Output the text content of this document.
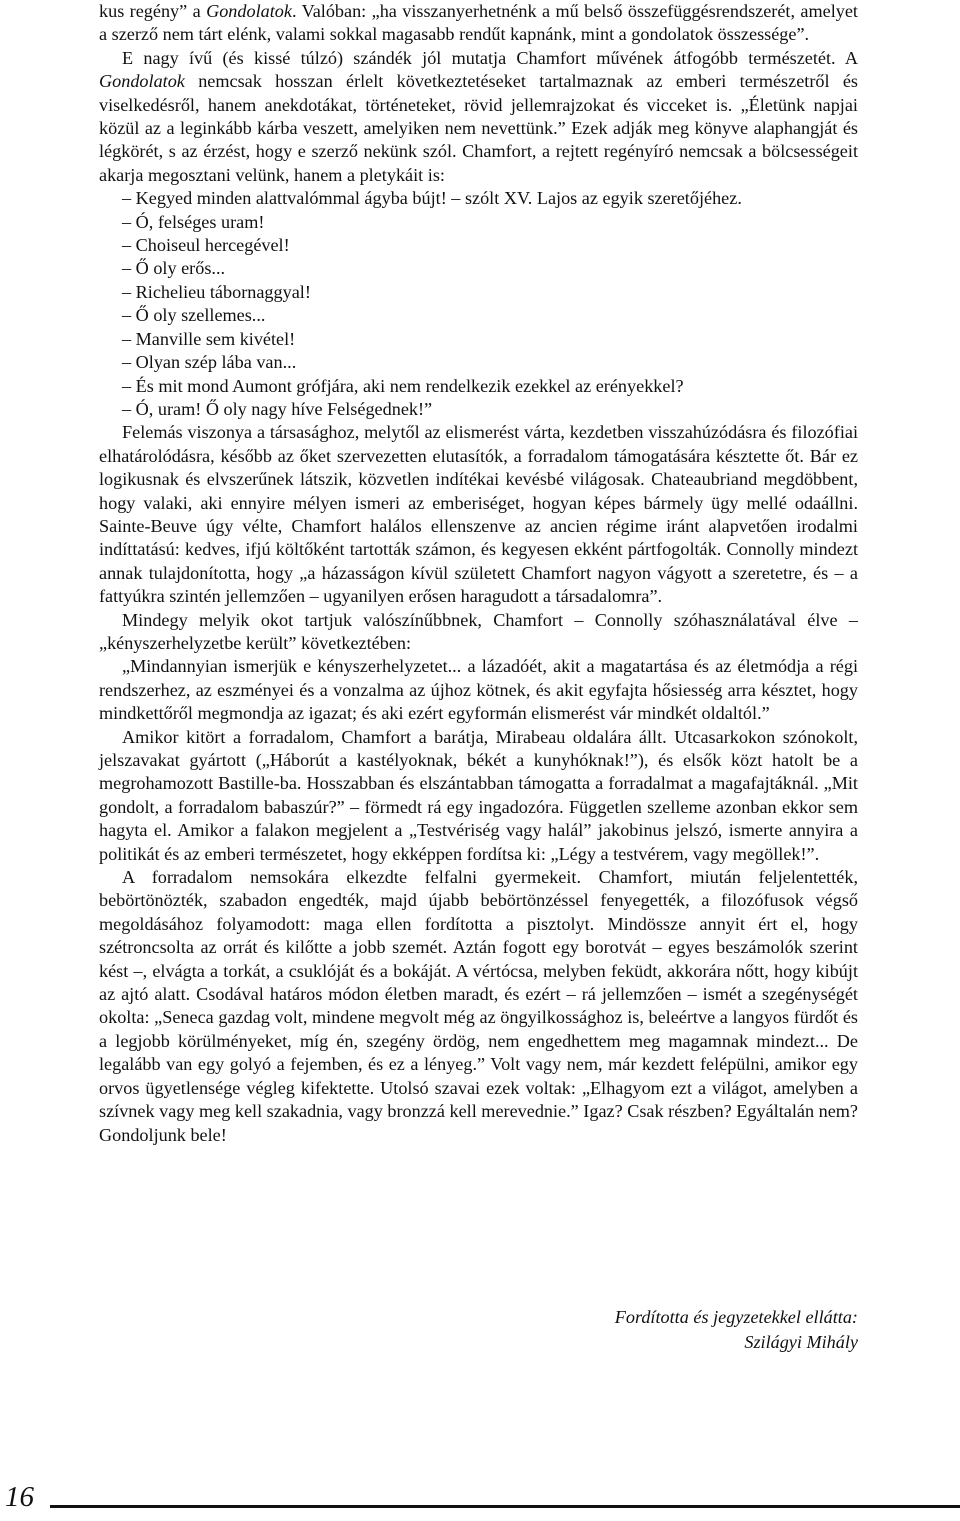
kus regény” a Gondolatok. Valóban: „ha visszanyerhetnénk a mű belső összefüggésrendszerét, amelyet a szerző nem tárt elénk, valami sokkal magasabb rendűt kapnánk, mint a gondolatok összessége”.

E nagy ívű (és kissé túlzó) szándék jól mutatja Chamfort művének átfogóbb természetét. A Gondolatok nemcsak hosszan érlelt következtetéseket tartalmaznak az emberi természetről és viselkedésről, hanem anekdotákat, történeteket, rövid jellemrajzokat és vicceket is. „Életünk napjai közül az a leginkább kárba veszett, amelyiken nem nevettünk.” Ezek adják meg könyve alaphangját és légkörét, s az érzést, hogy e szerző nekünk szól. Chamfort, a rejtett regényíró nemcsak a bölcsességeit akarja megosztani velünk, hanem a pletykáit is:

– Kegyed minden alattvalómmal ágyba bújt! – szólt XV. Lajos az egyik szeretőjéhez.

– Ó, felséges uram!

– Choiseul hercegével!

– Ő oly erős...

– Richelieu tábornaggyal!

– Ő oly szellemes...

– Manville sem kivétel!

– Olyan szép lába van...

– És mit mond Aumont grófjára, aki nem rendelkezik ezekkel az erényekkel?

– Ó, uram! Ő oly nagy híve Felségednek!”

Felemás viszonya a társasághoz, melytől az elismerést várta, kezdetben visszahúzódásra és filozófiai elhatárolódásra, később az őket szervezetten elutasítók, a forradalom támogatására késztette őt. Bár ez logikusnak és elvszerűnek látszik, közvetlen indítékai kevésbé világosak. Chateaubriand megdöbbent, hogy valaki, aki ennyire mélyen ismeri az emberiséget, hogyan képes bármely ügy mellé odaállni. Sainte-Beuve úgy vélte, Chamfort halálos ellenszenve az ancien régime iránt alapvetően irodalmi indíttatású: kedves, ifjú költőként tartották számon, és kegyesen ekként pártfogolták. Connolly mindezt annak tulajdonította, hogy „a házasságon kívül született Chamfort nagyon vágyott a szeretetre, és – a fattyúkra szintén jellemzően – ugyanilyen erősen haragudott a társadalomra”.

Mindegy melyik okot tartjuk valószínűbbnek, Chamfort – Connolly szóhasználatával élve – „kényszerhelyzetbe került” következtében:

„Mindannyian ismerjük e kényszerhelyzetet... a lázadóét, akit a magatartása és az életmódja a régi rendszerhez, az eszményei és a vonzalma az újhoz kötnek, és akit egyfajta hősiesség arra késztet, hogy mindkettőről megmondja az igazat; és aki ezért egyformán elismerést vár mindkét oldaltól.”

Amikor kitört a forradalom, Chamfort a barátja, Mirabeau oldalára állt. Utcasarkokon szónokolt, jelszavakat gyártott („Háborút a kastélyoknak, békét a kunyhóknak!”), és elsők közt hatolt be a megrohamozott Bastille-ba. Hosszabban és elszántabban támogatta a forradalmat a magafajtáknál. „Mit gondolt, a forradalom babaszúr?” – förmedt rá egy ingadozóra. Független szelleme azonban ekkor sem hagyta el. Amikor a falakon megjelent a „Testvériség vagy halál” jakobinus jelszó, ismerte annyira a politikát és az emberi természetet, hogy ekképpen fordítsa ki: „Légy a testvérem, vagy megöllek!”.

A forradalom nemsokára elkezdte felfalni gyermekeit. Chamfort, miután feljelentették, bebörtönözték, szabadon engedték, majd újabb bebörtönzéssel fenyegették, a filozófusok végső megoldásához folyamodott: maga ellen fordította a pisztolyt. Mindössze annyit ért el, hogy szétroncsolta az orrát és kilőtte a jobb szemét. Aztán fogott egy borotvát – egyes beszámolók szerint kést –, elvágta a torkát, a csuklóját és a bokáját. A vértócsa, melyben feküdt, akkorára nőtt, hogy kibújt az ajtó alatt. Csodával határos módon életben maradt, és ezért – rá jellemzően – ismét a szegénységét okolta: „Seneca gazdag volt, mindene megvolt még az öngyilkossághoz is, beleértve a langyos fürdőt és a legjobb körülményeket, míg én, szegény ördög, nem engedhettem meg magamnak mindezt... De legalább van egy golyó a fejemben, és ez a lényeg.” Volt vagy nem, már kezdett felépülni, amikor egy orvos ügyetlensége végleg kifektette. Utolsó szavai ezek voltak: „Elhagyom ezt a világot, amelyben a szívnek vagy meg kell szakadnia, vagy bronzzá kell merevednie.” Igaz? Csak részben? Egyáltalán nem? Gondoljunk bele!

Fordította és jegyzetekkel ellátta:
Szilágyi Mihály
16
